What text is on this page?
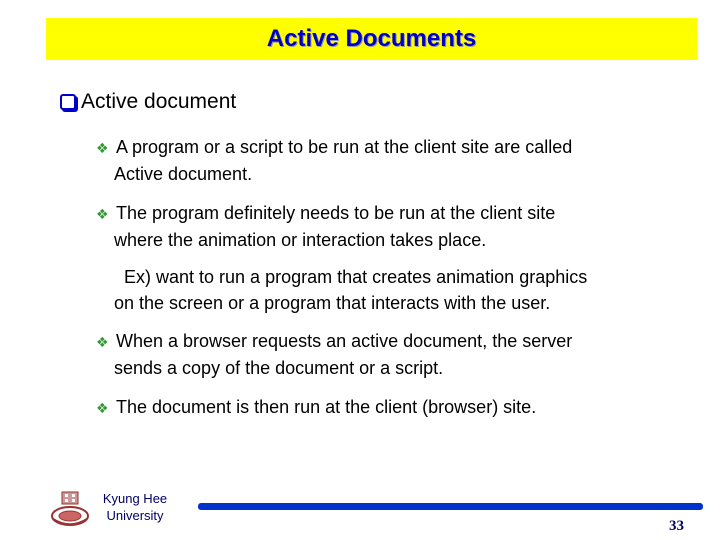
Active Documents
Active document
❖ A program or a script to be run at the client site are called
Active document.
❖ The program definitely needs to be run at the client site
where the animation or interaction takes place.
Ex) want to run a program that creates animation graphics
on the screen or a program that interacts with the user.
❖ When a browser requests an active document, the server
sends a copy of the document or a script.
❖ The document is then run at the client (browser) site.
Kyung Hee
University
33
